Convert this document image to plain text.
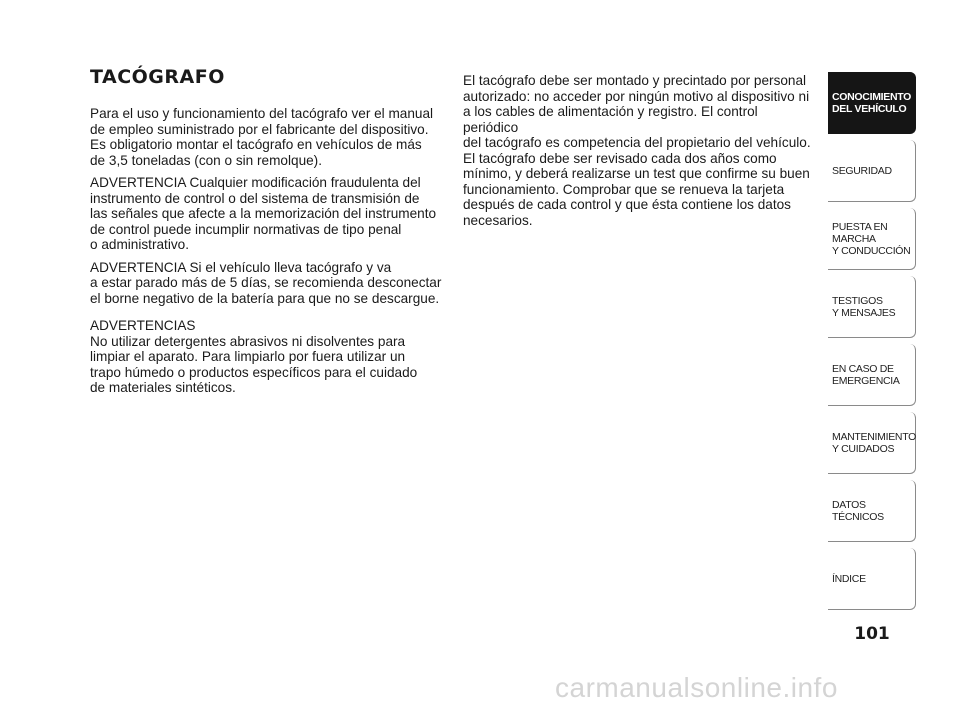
TACÓGRAFO

Para el uso y funcionamiento del tacógrafo ver el manual
de empleo suministrado por el fabricante del dispositivo.
Es obligatorio montar el tacógrafo en vehículos de más
de 3,5 toneladas (con o sin remolque).

ADVERTENCIA Cualquier modificación fraudulenta del
instrumento de control o del sistema de transmisión de
las señales que afecte a la memorización del instrumento
de control puede incumplir normativas de tipo penal
o administrativo.

ADVERTENCIA Si el vehículo lleva tacógrafo y va
a estar parado más de 5 días, se recomienda desconectar
el borne negativo de la batería para que no se descargue.

ADVERTENCIAS

No utilizar detergentes abrasivos ni disolventes para
limpiar el aparato. Para limpiarlo por fuera utilizar un
trapo húmedo o productos específicos para el cuidado
de materiales sintéticos.

El tacógrafo debe ser montado y precintado por personal
autorizado: no acceder por ningún motivo al dispositivo ni
a los cables de alimentación y registro. El control periódico
del tacógrafo es competencia del propietario del vehículo.
El tacógrafo debe ser revisado cada dos años como
mínimo, y deberá realizarse un test que confirme su buen
funcionamiento. Comprobar que se renueva la tarjeta
después de cada control y que ésta contiene los datos
necesarios.

CONOCIMIENTO
DEL VEHÍCULO
SEGURIDAD
PUESTA EN
MARCHA
Y CONDUCCIÓN
TESTIGOS
Y MENSAJES
EN CASO DE
EMERGENCIA
MANTENIMIENTO
Y CUIDADOS
DATOS
TÉCNICOS
ÍNDICE
101
carmanualsonline.info
